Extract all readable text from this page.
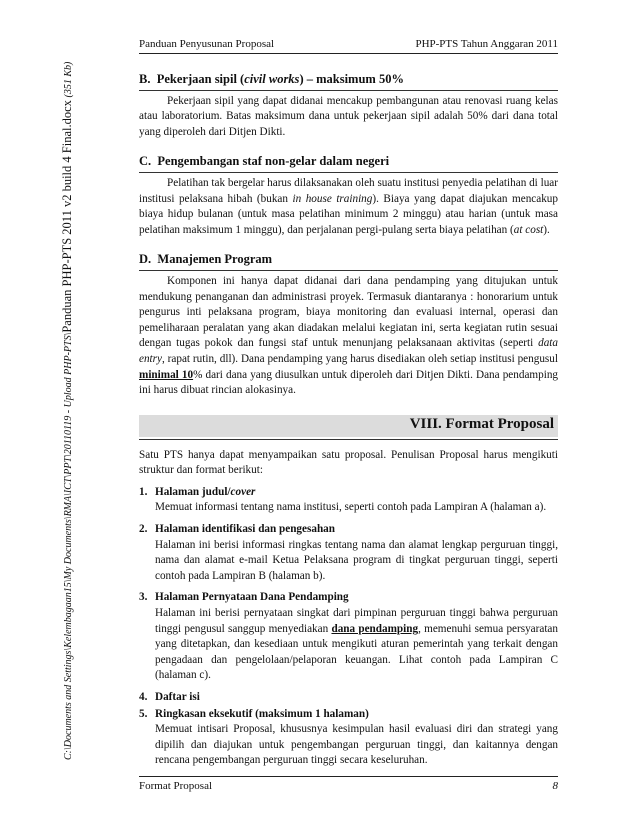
C:\Documents and Settings\Kelembagaan15\My Documents\RMA\ICT\PPT\20110119 - Upload PHP-PTS\Panduan PHP-PTS 2011 v2 build 4 Final.docx (351 Kb)
Panduan Penyusunan Proposal	PHP-PTS Tahun Anggaran 2011
B. Pekerjaan sipil (civil works) – maksimum 50%

Pekerjaan sipil yang dapat didanai mencakup pembangunan atau renovasi ruang kelas atau laboratorium. Batas maksimum dana untuk pekerjaan sipil adalah 50% dari dana total yang diperoleh dari Ditjen Dikti.

C. Pengembangan staf non-gelar dalam negeri

Pelatihan tak bergelar harus dilaksanakan oleh suatu institusi penyedia pelatihan di luar institusi pelaksana hibah (bukan in house training). Biaya yang dapat diajukan mencakup biaya hidup bulanan (untuk masa pelatihan minimum 2 minggu) atau harian (untuk masa pelatihan maksimum 1 minggu), dan perjalanan pergi-pulang serta biaya pelatihan (at cost).

D. Manajemen Program

Komponen ini hanya dapat didanai dari dana pendamping yang ditujukan untuk mendukung penanganan dan administrasi proyek. Termasuk diantaranya : honorarium untuk pengurus inti pelaksana program, biaya monitoring dan evaluasi internal, operasi dan pemeliharaan peralatan yang akan diadakan melalui kegiatan ini, serta kegiatan rutin sesuai dengan tugas pokok dan fungsi staf untuk menunjang pelaksanaan aktivitas (seperti data entry, rapat rutin, dll). Dana pendamping yang harus disediakan oleh setiap institusi pengusul minimal 10% dari dana yang diusulkan untuk diperoleh dari Ditjen Dikti. Dana pendamping ini harus dibuat rincian alokasinya.

VIII. Format Proposal

Satu PTS hanya dapat menyampaikan satu proposal. Penulisan Proposal harus mengikuti struktur dan format berikut:

1. Halaman judul/cover
Memuat informasi tentang nama institusi, seperti contoh pada Lampiran A (halaman a).
2. Halaman identifikasi dan pengesahan
Halaman ini berisi informasi ringkas tentang nama dan alamat lengkap perguruan tinggi, nama dan alamat e-mail Ketua Pelaksana program di tingkat perguruan tinggi, seperti contoh pada Lampiran B (halaman b).
3. Halaman Pernyataan Dana Pendamping
Halaman ini berisi pernyataan singkat dari pimpinan perguruan tinggi bahwa perguruan tinggi pengusul sanggup menyediakan dana pendamping, memenuhi semua persyaratan yang ditetapkan, dan kesediaan untuk mengikuti aturan pemerintah yang terkait dengan pengadaan dan pengelolaan/pelaporan keuangan. Lihat contoh pada Lampiran C (halaman c).
4. Daftar isi
5. Ringkasan eksekutif (maksimum 1 halaman)
Memuat intisari Proposal, khususnya kesimpulan hasil evaluasi diri dan strategi yang dipilih dan diajukan untuk pengembangan perguruan tinggi, dan kaitannya dengan rencana pengembangan perguruan tinggi secara keseluruhan.
Format Proposal	8
